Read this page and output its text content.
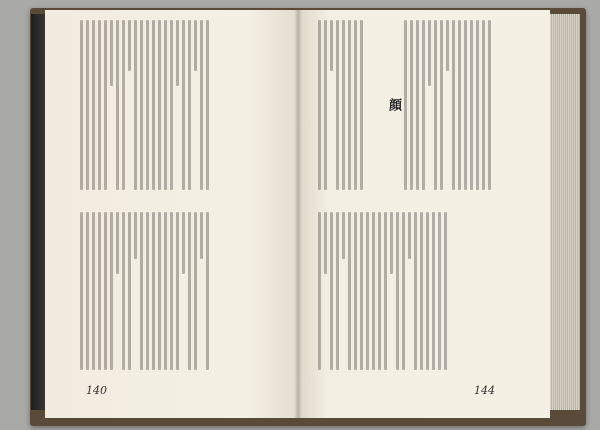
顔
140	144
